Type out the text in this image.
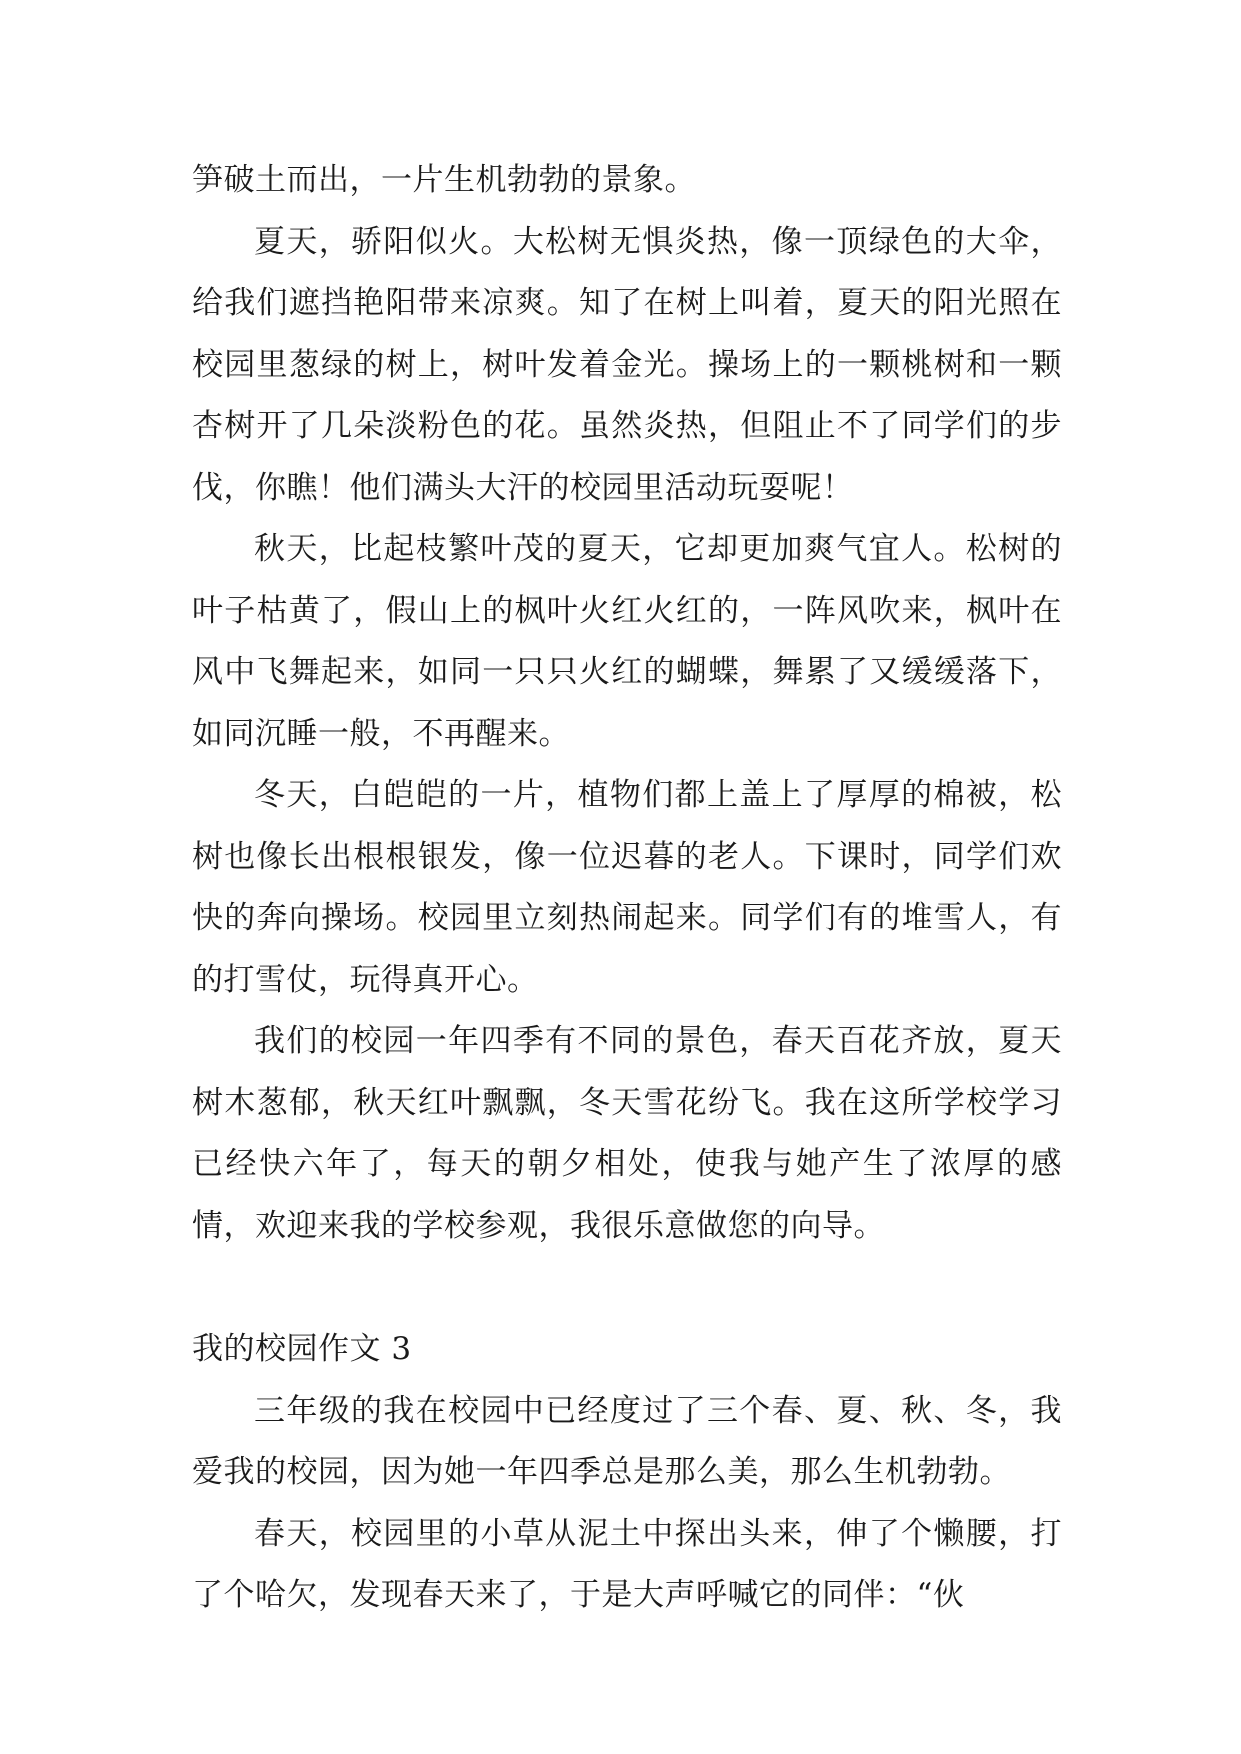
笋破土而出，一片生机勃勃的景象。

夏天，骄阳似火。大松树无惧炎热，像一顶绿色的大伞，给我们遮挡艳阳带来凉爽。知了在树上叫着，夏天的阳光照在校园里葱绿的树上，树叶发着金光。操场上的一颗桃树和一颗杏树开了几朵淡粉色的花。虽然炎热，但阻止不了同学们的步伐，你瞧！他们满头大汗的校园里活动玩耍呢！

秋天，比起枝繁叶茂的夏天，它却更加爽气宜人。松树的叶子枯黄了，假山上的枫叶火红火红的，一阵风吹来，枫叶在风中飞舞起来，如同一只只火红的蝴蝶，舞累了又缓缓落下，如同沉睡一般，不再醒来。

冬天，白皑皑的一片，植物们都上盖上了厚厚的棉被，松树也像长出根根银发，像一位迟暮的老人。下课时，同学们欢快的奔向操场。校园里立刻热闹起来。同学们有的堆雪人，有的打雪仗，玩得真开心。

我们的校园一年四季有不同的景色，春天百花齐放，夏天树木葱郁，秋天红叶飘飘，冬天雪花纷飞。我在这所学校学习已经快六年了，每天的朝夕相处，使我与她产生了浓厚的感情，欢迎来我的学校参观，我很乐意做您的向导。

我的校园作文 3

三年级的我在校园中已经度过了三个春、夏、秋、冬，我爱我的校园，因为她一年四季总是那么美，那么生机勃勃。

春天，校园里的小草从泥土中探出头来，伸了个懒腰，打了个哈欠，发现春天来了，于是大声呼喊它的同伴：“伙
